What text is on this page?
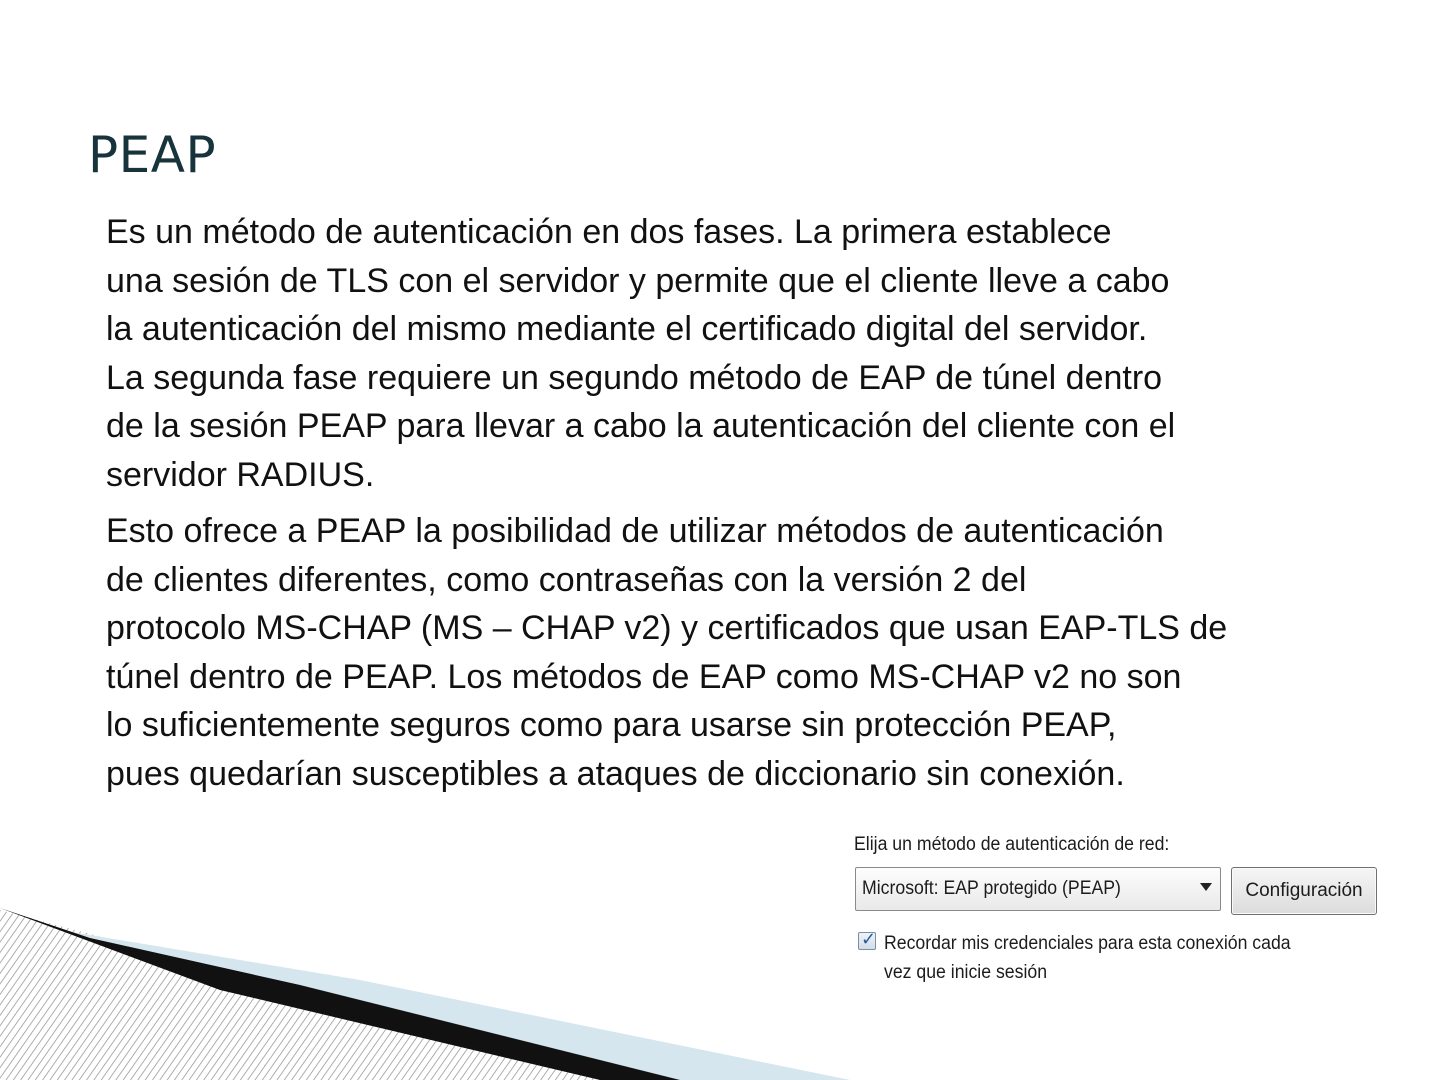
PEAP

Es un método de autenticación en dos fases. La primera establece
una sesión de TLS con el servidor y permite que el cliente lleve a cabo
la autenticación del mismo mediante el certificado digital del servidor.
La segunda fase requiere un segundo método de EAP de túnel dentro
de la sesión PEAP para llevar a cabo la autenticación del cliente con el
servidor RADIUS.

Esto ofrece a PEAP la posibilidad de utilizar métodos de autenticación
de clientes diferentes, como contraseñas con la versión 2 del
protocolo MS-CHAP (MS – CHAP v2) y certificados que usan EAP-TLS de
túnel dentro de PEAP. Los métodos de EAP como MS-CHAP v2 no son
lo suficientemente seguros como para usarse sin protección PEAP,
pues quedarían susceptibles a ataques de diccionario sin conexión.

Elija un método de autenticación de red:
Microsoft: EAP protegido (PEAP)	Configuración
✓ Recordar mis credenciales para esta conexión cada
vez que inicie sesión
